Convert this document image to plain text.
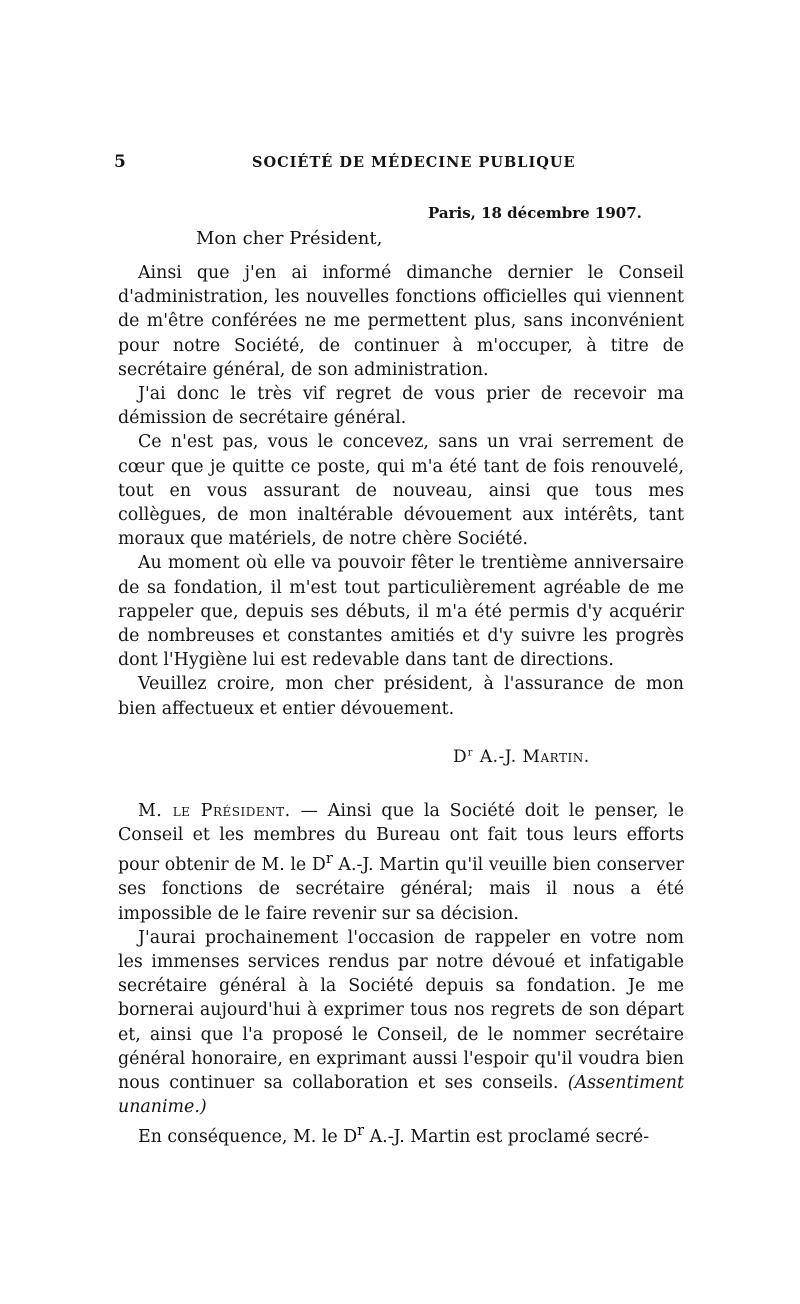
5	SOCIÉTÉ DE MÉDECINE PUBLIQUE
Paris, 18 décembre 1907.
Mon cher Président,

Ainsi que j'en ai informé dimanche dernier le Conseil d'administration, les nouvelles fonctions officielles qui viennent de m'être conférées ne me permettent plus, sans inconvénient pour notre Société, de continuer à m'occuper, à titre de secrétaire général, de son administration.

J'ai donc le très vif regret de vous prier de recevoir ma démission de secrétaire général.

Ce n'est pas, vous le concevez, sans un vrai serrement de cœur que je quitte ce poste, qui m'a été tant de fois renouvelé, tout en vous assurant de nouveau, ainsi que tous mes collègues, de mon inaltérable dévouement aux intérêts, tant moraux que matériels, de notre chère Société.

Au moment où elle va pouvoir fêter le trentième anniversaire de sa fondation, il m'est tout particulièrement agréable de me rappeler que, depuis ses débuts, il m'a été permis d'y acquérir de nombreuses et constantes amitiés et d'y suivre les progrès dont l'Hygiène lui est redevable dans tant de directions.

Veuillez croire, mon cher président, à l'assurance de mon bien affectueux et entier dévouement.

$D^r$ A.-J. Martin.

M. le Président. — Ainsi que la Société doit le penser, le Conseil et les membres du Bureau ont fait tous leurs efforts pour obtenir de M. le $D^r$ A.-J. Martin qu'il veuille bien conserver ses fonctions de secrétaire général; mais il nous a été impossible de le faire revenir sur sa décision.

J'aurai prochainement l'occasion de rappeler en votre nom les immenses services rendus par notre dévoué et infatigable secrétaire général à la Société depuis sa fondation. Je me bornerai aujourd'hui à exprimer tous nos regrets de son départ et, ainsi que l'a proposé le Conseil, de le nommer secrétaire général honoraire, en exprimant aussi l'espoir qu'il voudra bien nous continuer sa collaboration et ses conseils. (Assentiment unanime.)

En conséquence, M. le $D^r$ A.-J. Martin est proclamé secré-
